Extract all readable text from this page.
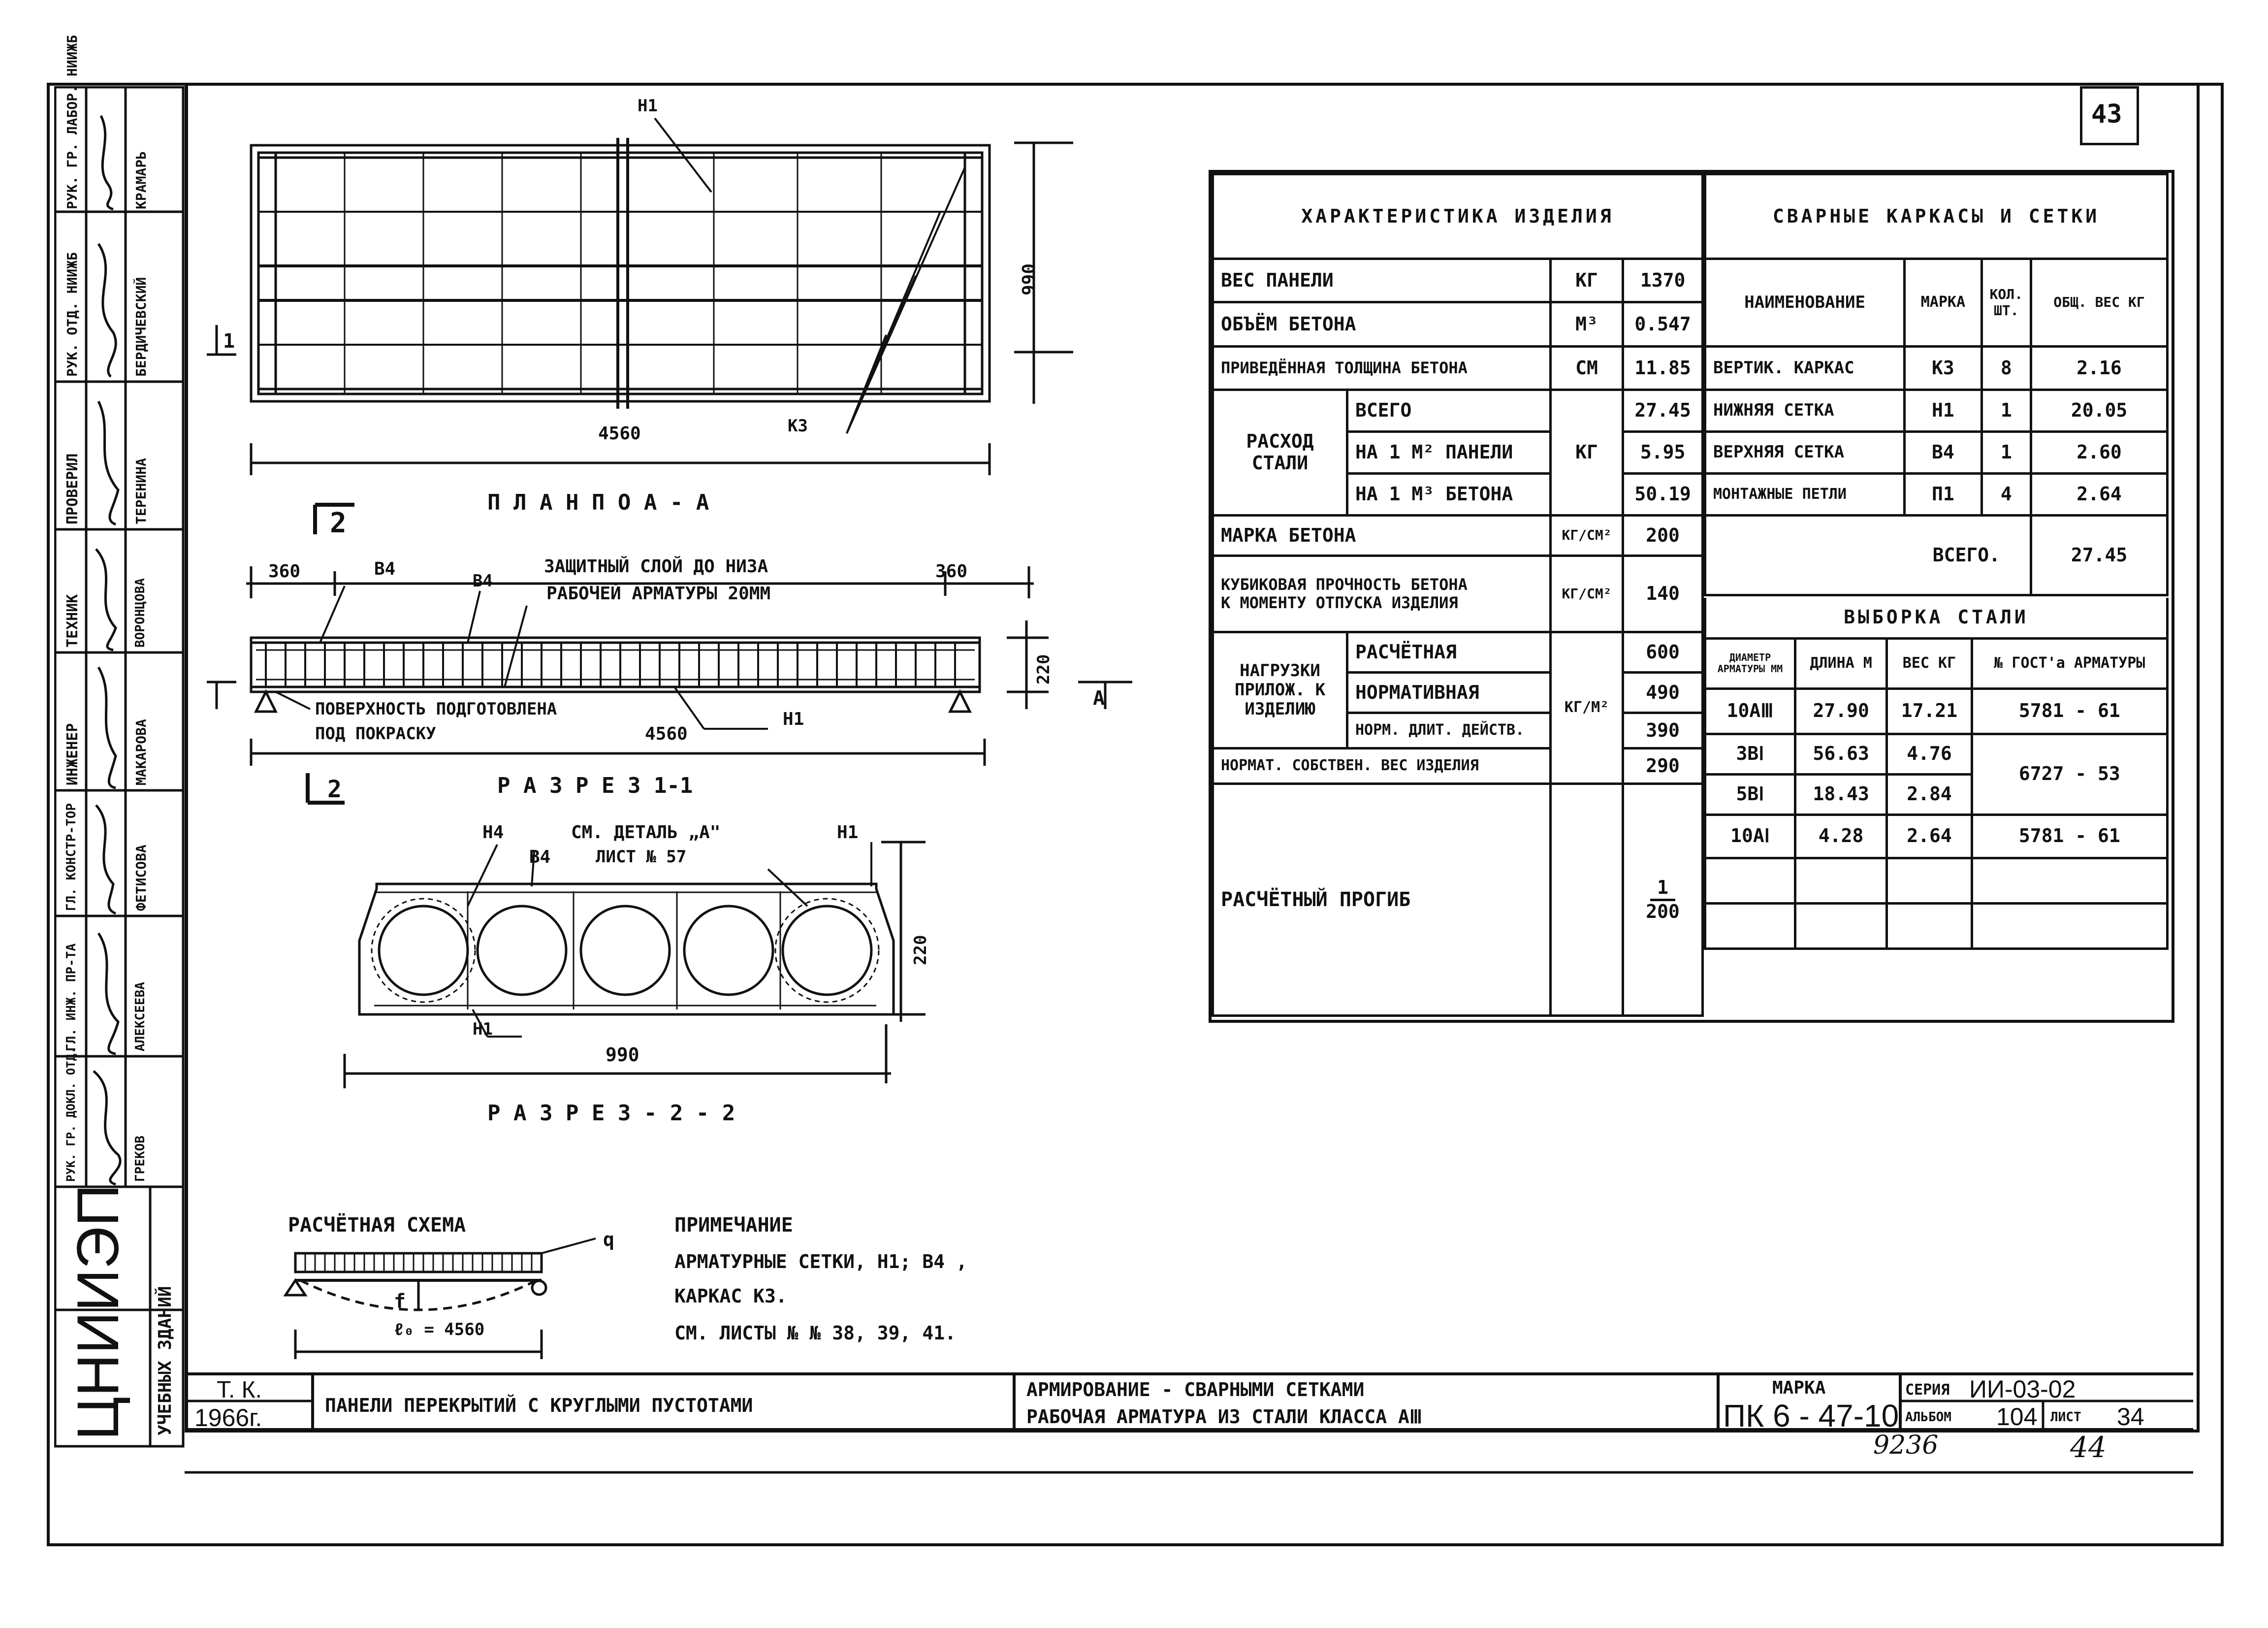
43
РУК. ГР. ЛАБОР. НИИЖБ	КРАМАРЬ
РУК. ОТД. НИИЖБ	БЕРДИЧЕВСКИЙ
ПРОВЕРИЛ	ТЕРЕНИНА
ТЕХНИК	ВОРОНЦОВА
ИНЖЕНЕР	МАКАРОВА
ГЛ. КОНСТР-ТОР	ФЕТИСОВА
ГЛ. ИНЖ. ПР-ТА	АЛЕКСЕЕВА
РУК. ГР. ДОКЛ. ОТД.	ГРЕКОВ
ЦНИИЭП УЧЕБНЫХ ЗДАНИЙ
Н1
К3
4560
990
1
2
П Л А Н П О А - А
360	В4
В4
ЗАЩИТНЫЙ СЛОЙ ДО НИЗА
РАБОЧЕЙ АРМАТУРЫ 20ММ
360
220
А
ПОВЕРХНОСТЬ ПОДГОТОВЛЕНА
ПОД ПОКРАСКУ	4560
Н1
2	Р А З Р Е З 1-1
Н4
В4
СМ. ДЕТАЛЬ „А"
ЛИСТ № 57
Н1
220
Н1
990
Р А З Р Е З - 2 - 2
РАСЧЁТНАЯ СХЕМА
q
f
ℓ₀ = 4560
ПРИМЕЧАНИЕ
АРМАТУРНЫЕ СЕТКИ, Н1; В4 ,
КАРКАС К3.
СМ. ЛИСТЫ № № 38, 39, 41.
ХАРАКТЕРИСТИКА ИЗДЕЛИЯ			
ВЕС ПАНЕЛИ		КГ	1370
ОБЪЁМ БЕТОНА		М³	0.547
ПРИВЕДЁННАЯ ТОЛЩИНА БЕТОНА		СМ	11.85
РАСХОД СТАЛИ	ВСЕГО	КГ	27.45
	НА 1 М² ПАНЕЛИ		5.95
	НА 1 М³ БЕТОНА		50.19
МАРКА БЕТОНА		КГ/СМ²	200

КУБИКОВАЯ ПРОЧНОСТЬ БЕТОНА
К МОМЕНТУ ОТПУСКА ИЗДЕЛИЯ		КГ/СМ²	140
НАГРУЗКИ ПРИЛОЖ. К ИЗДЕЛИЮ	РАСЧЁТНАЯ	КГ/М²	600
	НОРМАТИВНАЯ		490
	НОРМ. ДЛИТ. ДЕЙСТВ.		390
НОРМАТ. СОБСТВЕН. ВЕС ИЗДЕЛИЯ			290
РАСЧЁТНЫЙ ПРОГИБ			1
200
СВАРНЫЕ КАРКАСЫ И СЕТКИ			
НАИМЕНОВАНИЕ	МАРКА	КОЛ. ШТ.	ОБЩ. ВЕС КГ
ВЕРТИК. КАРКАС	К3	8	2.16
НИЖНЯЯ СЕТКА	Н1	1	20.05
ВЕРХНЯЯ СЕТКА	В4	1	2.60
МОНТАЖНЫЕ ПЕТЛИ	П1	4	2.64
ВСЕГО.			27.45
ВЫБОРКА СТАЛИ			
ДИАМЕТР АРМАТУРЫ ММ	ДЛИНА М	ВЕС КГ	№ ГОСТ'а АРМАТУРЫ
10АⅢ	27.90	17.21	5781 - 61
3ВⅠ	56.63	4.76	6727 - 53
5ВⅠ	18.43	2.84	
10АⅠ	4.28	2.64	5781 - 61

Т. К.
1966г.	ПАНЕЛИ ПЕРЕКРЫТИЙ С КРУГЛЫМИ ПУСТОТАМИ
АРМИРОВАНИЕ - СВАРНЫМИ СЕТКАМИ
РАБОЧАЯ АРМАТУРА ИЗ СТАЛИ КЛАССА АⅢ
МАРКА
ПК 6 - 47-10
СЕРИЯ ИИ-03-02
АЛЬБОМ 104 ЛИСТ 34
9236	44
